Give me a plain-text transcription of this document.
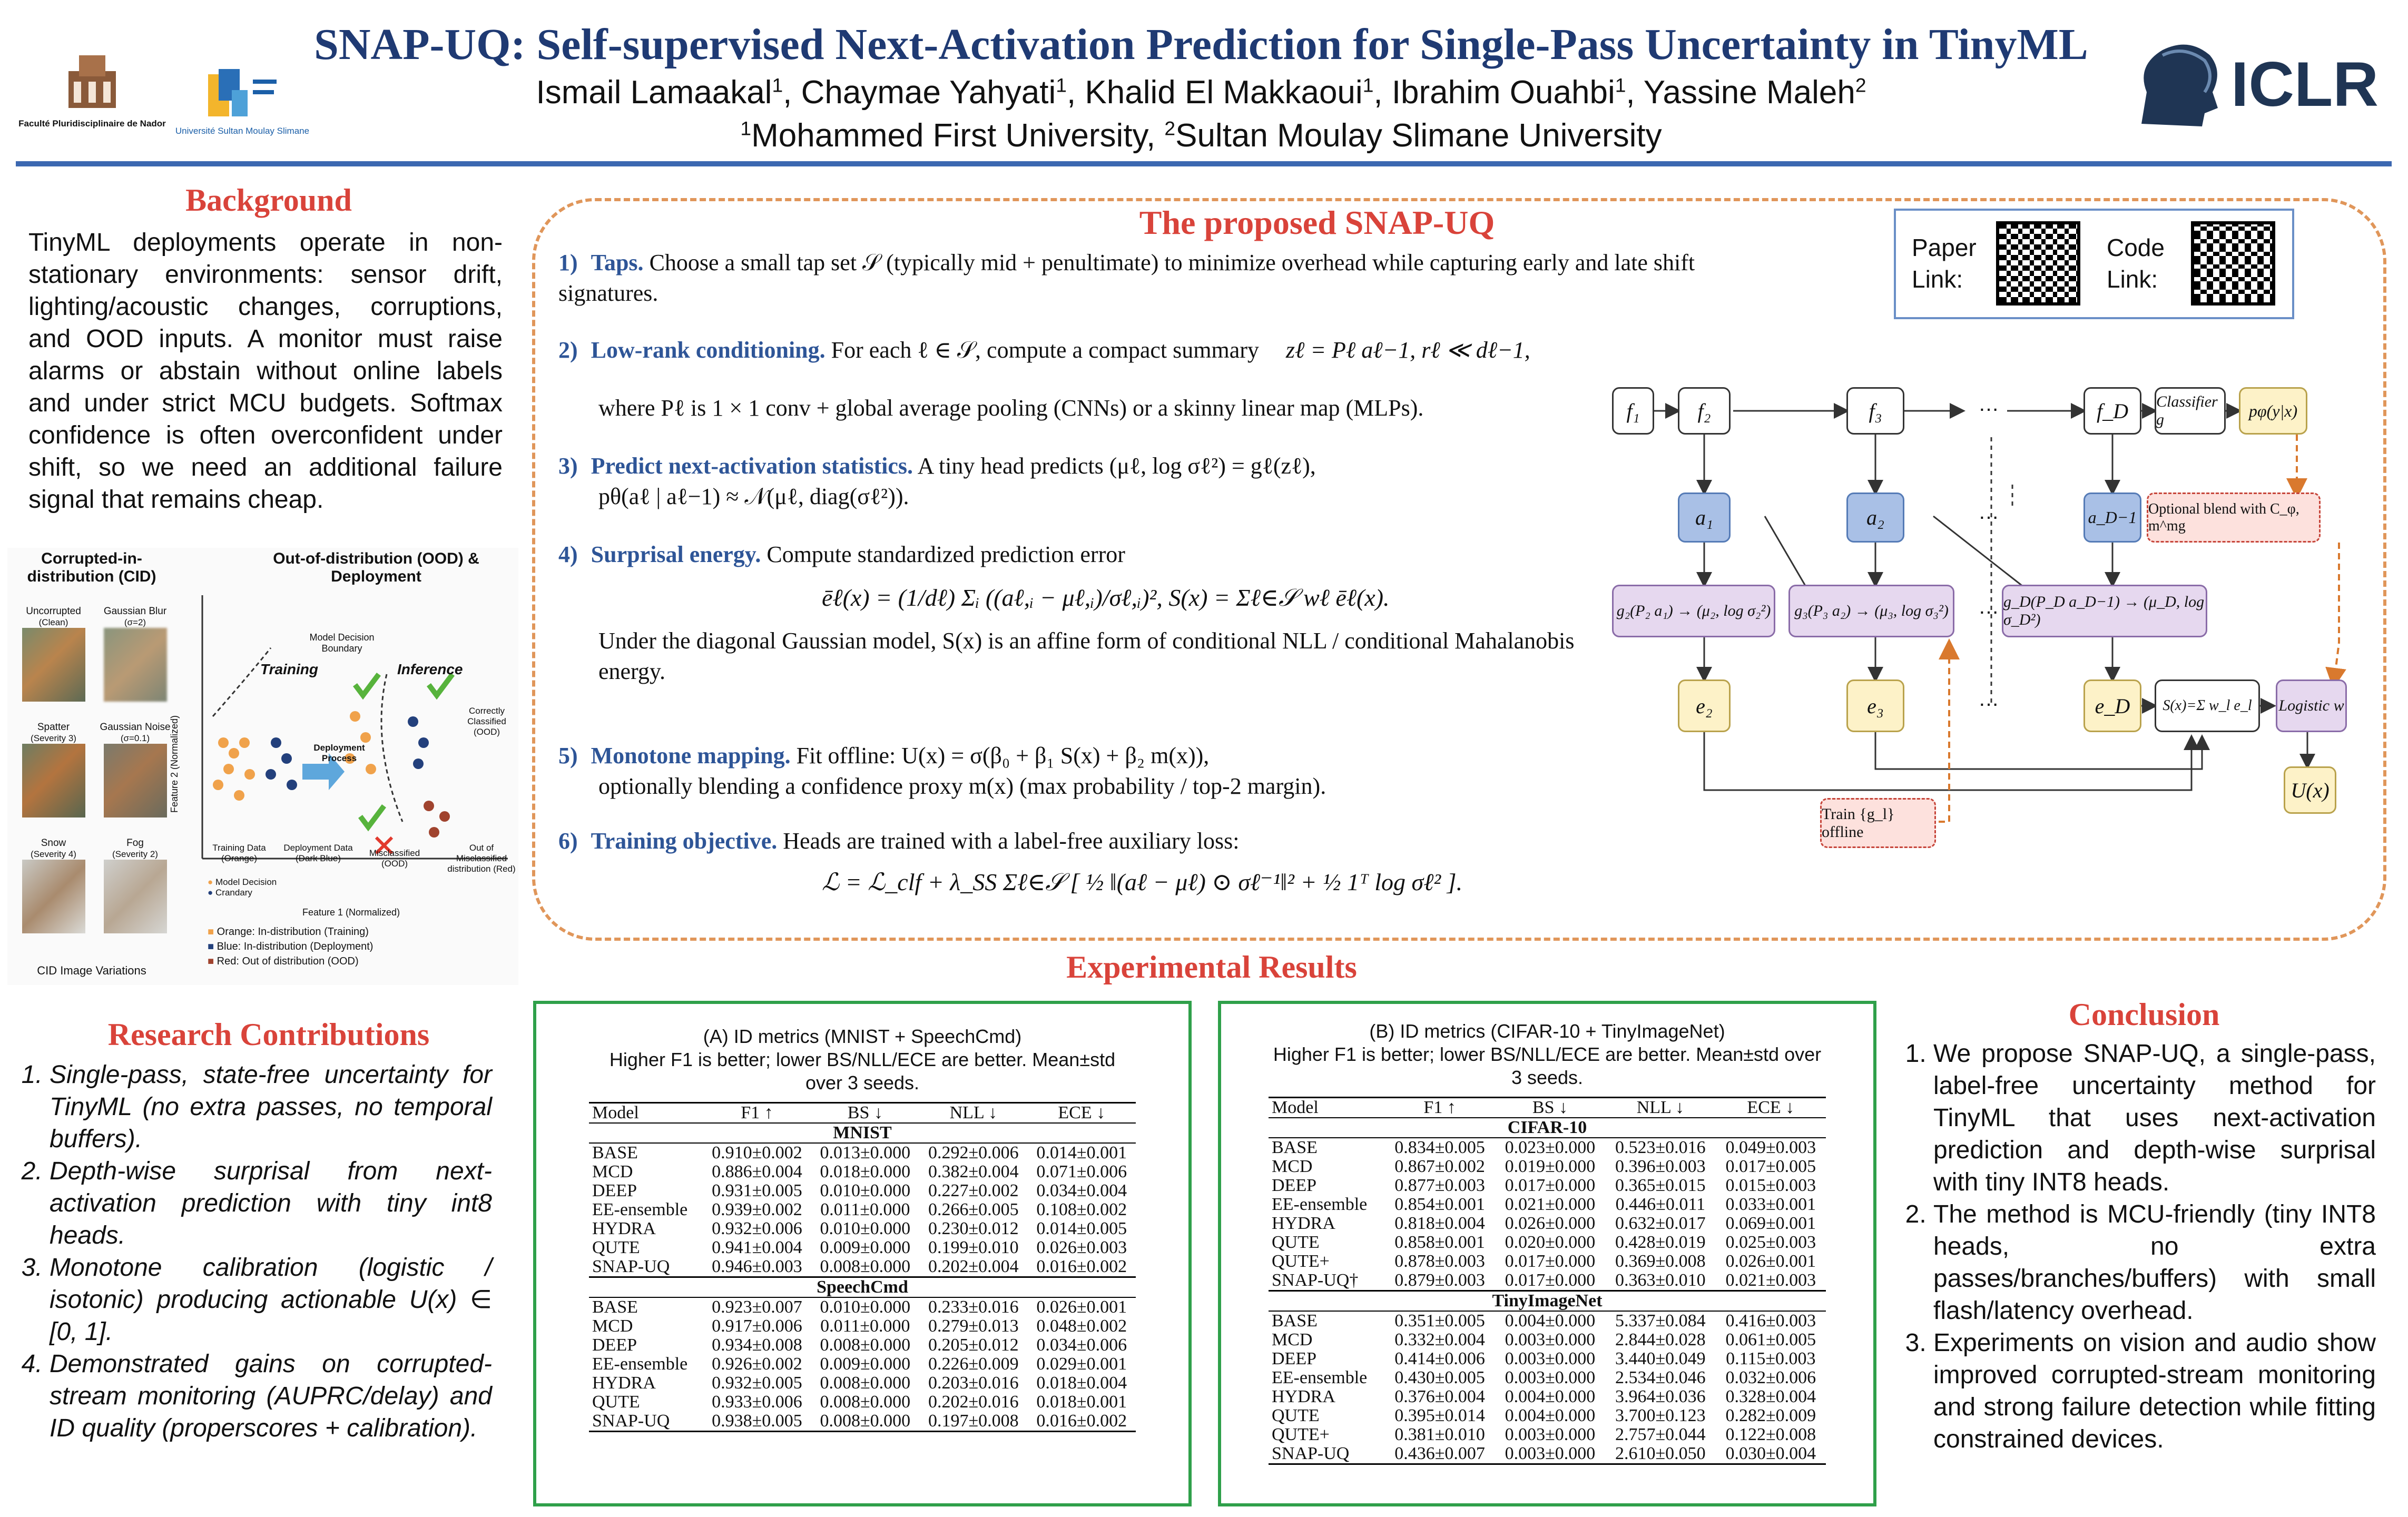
Faculté Pluridisciplinaire de Nador
Université Sultan Moulay Slimane
SNAP-UQ: Self-supervised Next-Activation Prediction for Single-Pass Uncertainty in TinyML
Ismail Lamaakal$^1$, Chaymae Yahyati$^1$, Khalid El Makkaoui$^1$, Ibrahim Ouahbi$^1$, Yassine Maleh$^2$
$^1$Mohammed First University, $^2$Sultan Moulay Slimane University
ICLR
Background
TinyML deployments operate in non-stationary environments: sensor drift, lighting/acoustic changes, corruptions, and OOD inputs. A monitor must raise alarms or abstain without online labels and under strict MCU budgets. Softmax confidence is often overconfident under shift, so we need an additional failure signal that remains cheap.
Corrupted-in-distribution (CID)
Out-of-distribution (OOD) & Deployment
Uncorrupted
(Clean)
Gaussian Blur
(σ=2)
Spatter
(Severity 3)
Gaussian Noise
(σ=0.1)
Snow
(Severity 4)
Fog
(Severity 2)
CID Image Variations
Training	Inference
Model Decision Boundary
Deployment Process
Training Data (Orange)
Deployment Data (Dark Blue)
Correctly Classified (OOD)
Misclassified (OOD)
Out of Misclassified distribution (Red)
Feature 2 (Normalized)
Feature 1 (Normalized)
● Model Decision
● Crandary
■ Orange: In-distribution (Training)
■ Blue: In-distribution (Deployment)
■ Red: Out of distribution (OOD)
Research Contributions
1. Single-pass, state-free uncertainty for TinyML (no extra passes, no temporal buffers).
2. Depth-wise surprisal from next-activation prediction with tiny int8 heads.
3. Monotone calibration (logistic / isotonic) producing actionable U(x) ∈ [0, 1].
4. Demonstrated gains on corrupted-stream monitoring (AUPRC/delay) and ID quality (properscores + calibration).
The proposed SNAP-UQ
Paper Link:
Code Link:
1) Taps. Choose a small tap set 𝒮 (typically mid + penultimate) to minimize overhead while capturing early and late shift signatures.
2) Low-rank conditioning. For each ℓ ∈ 𝒮, compute a compact summary zℓ = Pℓ aℓ−1, rℓ ≪ dℓ−1,
where Pℓ is 1 × 1 conv + global average pooling (CNNs) or a skinny linear map (MLPs).
3) Predict next-activation statistics. A tiny head predicts (μℓ, log σℓ²) = gℓ(zℓ),
pθ(aℓ | aℓ−1) ≈ 𝒩(μℓ, diag(σℓ²)).
4) Surprisal energy. Compute standardized prediction error
ēℓ(x) = (1/dℓ) Σᵢ ((aℓ,ᵢ − μℓ,ᵢ)/σℓ,ᵢ)², S(x) = Σℓ∈𝒮 wℓ ēℓ(x).
Under the diagonal Gaussian model, S(x) is an affine form of conditional NLL / conditional Mahalanobis energy.
5) Monotone mapping. Fit offline: U(x) = σ(β₀ + β₁ S(x) + β₂ m(x)),
optionally blending a confidence proxy m(x) (max probability / top-2 margin).
6) Training objective. Heads are trained with a label-free auxiliary loss:
ℒ = ℒ_clf + λ_SS Σℓ∈𝒮 [ ½ ‖(aℓ − μℓ) ⊙ σℓ⁻¹‖² + ½ 1ᵀ log σℓ² ].
f₁	f₂	f₃	…	f_D	Classifier g	pφ(y|x)
a₁	a₂	…	a_D−1 Optional blend with C_φ, m^mg
g₂(P₂ a₁) → (μ₂, log σ₂²)	g₃(P₃ a₂) → (μ₃, log σ₃²) … g_D(P_D a_D−1) → (μ_D, log σ_D²)
e₂	e₃	…	e_D	S(x)=Σ w_l e_l	Logistic w
U(x)
Train {g_l} offline
Experimental Results
(A) ID metrics (MNIST + SpeechCmd)
Higher F1 is better; lower BS/NLL/ECE are better. Mean±std over 3 seeds.
Model	F1 ↑	BS ↓	NLL ↓	ECE ↓
MNIST				
BASE	0.910±0.002	0.013±0.000	0.292±0.006	0.014±0.001
MCD	0.886±0.004	0.018±0.000	0.382±0.004	0.071±0.006
DEEP	0.931±0.005	0.010±0.000	0.227±0.002	0.034±0.004
EE-ensemble	0.939±0.002	0.011±0.000	0.266±0.005	0.108±0.002
HYDRA	0.932±0.006	0.010±0.000	0.230±0.012	0.014±0.005
QUTE	0.941±0.004	0.009±0.000	0.199±0.010	0.026±0.003
SNAP-UQ	0.946±0.003	0.008±0.000	0.202±0.004	0.016±0.002
SpeechCmd				
BASE	0.923±0.007	0.010±0.000	0.233±0.016	0.026±0.001
MCD	0.917±0.006	0.011±0.000	0.279±0.013	0.048±0.002
DEEP	0.934±0.008	0.008±0.000	0.205±0.012	0.034±0.006
EE-ensemble	0.926±0.002	0.009±0.000	0.226±0.009	0.029±0.001
HYDRA	0.932±0.005	0.008±0.000	0.203±0.016	0.018±0.004
QUTE	0.933±0.006	0.008±0.000	0.202±0.016	0.018±0.001
SNAP-UQ	0.938±0.005	0.008±0.000	0.197±0.008	0.016±0.002
(B) ID metrics (CIFAR-10 + TinyImageNet)
Higher F1 is better; lower BS/NLL/ECE are better. Mean±std over 3 seeds.
Model	F1 ↑	BS ↓	NLL ↓	ECE ↓
CIFAR-10				
BASE	0.834±0.005	0.023±0.000	0.523±0.016	0.049±0.003
MCD	0.867±0.002	0.019±0.000	0.396±0.003	0.017±0.005
DEEP	0.877±0.003	0.017±0.000	0.365±0.015	0.015±0.003
EE-ensemble	0.854±0.001	0.021±0.000	0.446±0.011	0.033±0.001
HYDRA	0.818±0.004	0.026±0.000	0.632±0.017	0.069±0.001
QUTE	0.858±0.001	0.020±0.000	0.428±0.019	0.025±0.003
QUTE+	0.878±0.003	0.017±0.000	0.369±0.008	0.026±0.001
SNAP-UQ†	0.879±0.003	0.017±0.000	0.363±0.010	0.021±0.003
TinyImageNet				
BASE	0.351±0.005	0.004±0.000	5.337±0.084	0.416±0.003
MCD	0.332±0.004	0.003±0.000	2.844±0.028	0.061±0.005
DEEP	0.414±0.006	0.003±0.000	3.440±0.049	0.115±0.003
EE-ensemble	0.430±0.005	0.003±0.000	2.534±0.046	0.032±0.006
HYDRA	0.376±0.004	0.004±0.000	3.964±0.036	0.328±0.004
QUTE	0.395±0.014	0.004±0.000	3.700±0.123	0.282±0.009
QUTE+	0.381±0.010	0.003±0.000	2.757±0.044	0.122±0.008
SNAP-UQ	0.436±0.007	0.003±0.000	2.610±0.050	0.030±0.004
Conclusion
1. We propose SNAP-UQ, a single-pass, label-free uncertainty method for TinyML that uses next-activation prediction and depth-wise surprisal with tiny INT8 heads.
2. The method is MCU-friendly (tiny INT8 heads, no extra passes/branches/buffers) with small flash/latency overhead.
3. Experiments on vision and audio show improved corrupted-stream monitoring and strong failure detection while fitting constrained devices.
